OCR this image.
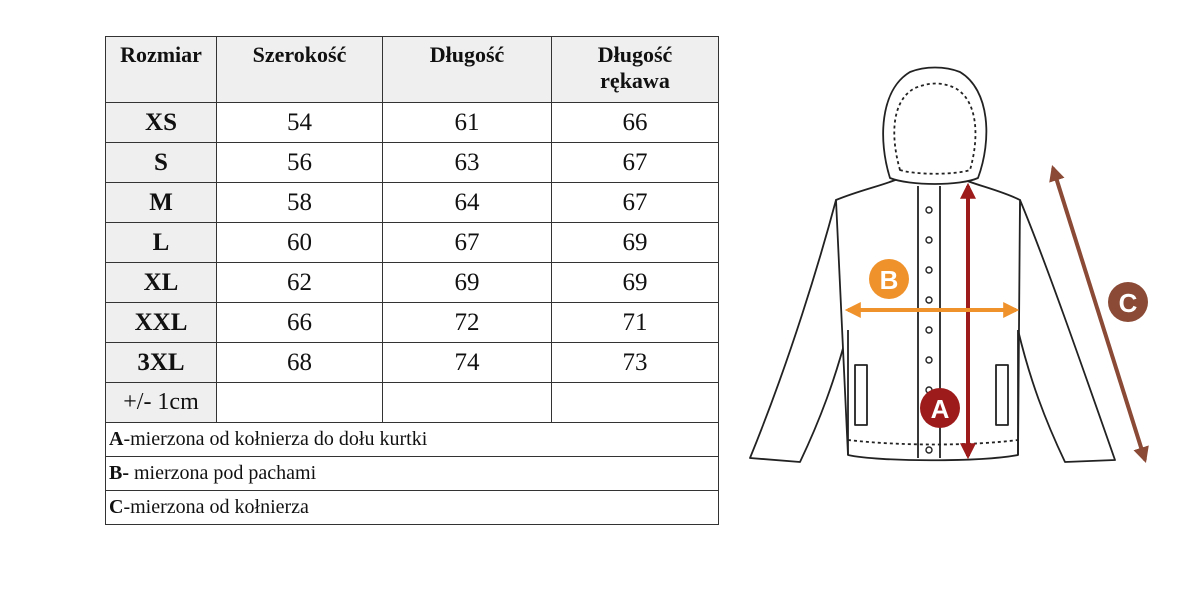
Rozmiar	Szerokość	Długość	Długość rękawa
XS	54	61	66
S	56	63	67
M	58	64	67
L	60	67	69
XL	62	69	69
XXL	66	72	71
3XL	68	74	73
+/- 1cm			
A-mierzona od kołnierza do dołu kurtki			
B- mierzona pod pachami			
C-mierzona od kołnierza			
A
B
C
